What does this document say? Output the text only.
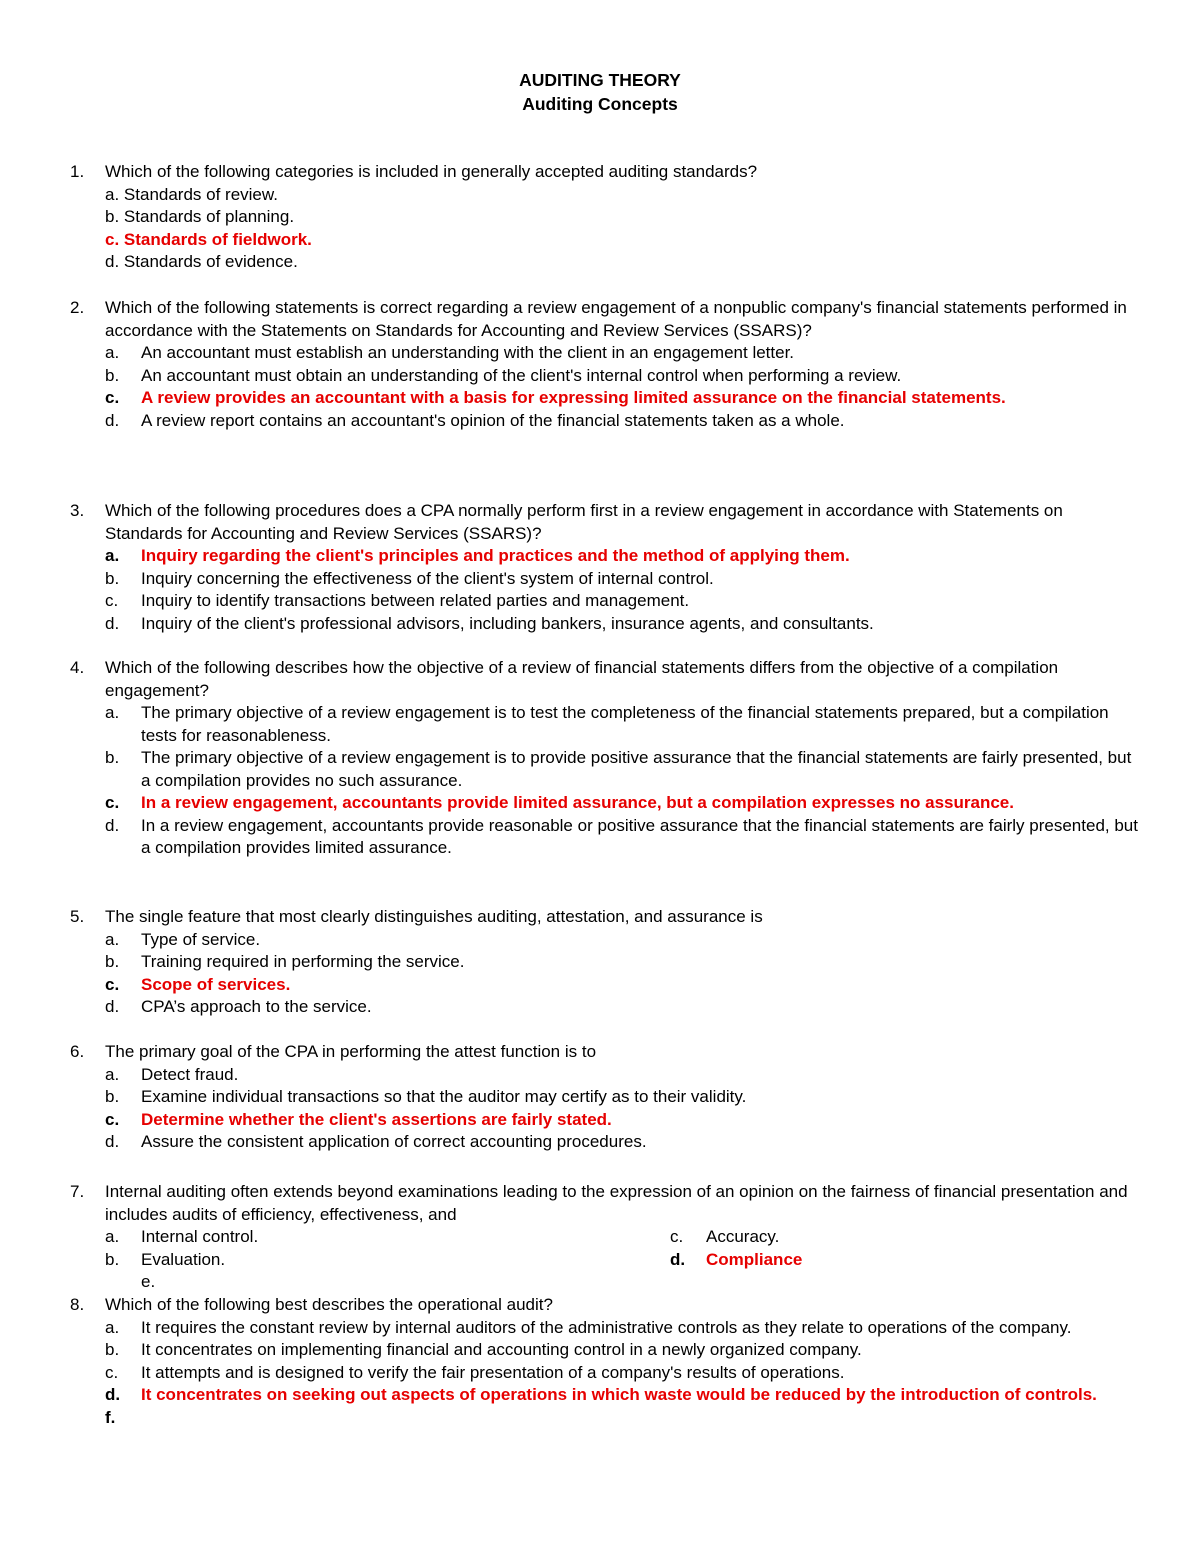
AUDITING THEORY
Auditing Concepts
1. Which of the following categories is included in generally accepted auditing standards?
a. Standards of review.
b. Standards of planning.
c. Standards of fieldwork.
d. Standards of evidence.
2. Which of the following statements is correct regarding a review engagement of a nonpublic company's financial statements performed in accordance with the Statements on Standards for Accounting and Review Services (SSARS)?
a. An accountant must establish an understanding with the client in an engagement letter.
b. An accountant must obtain an understanding of the client's internal control when performing a review.
c. A review provides an accountant with a basis for expressing limited assurance on the financial statements.
d. A review report contains an accountant's opinion of the financial statements taken as a whole.
3. Which of the following procedures does a CPA normally perform first in a review engagement in accordance with Statements on Standards for Accounting and Review Services (SSARS)?
a. Inquiry regarding the client's principles and practices and the method of applying them.
b. Inquiry concerning the effectiveness of the client's system of internal control.
c. Inquiry to identify transactions between related parties and management.
d. Inquiry of the client's professional advisors, including bankers, insurance agents, and consultants.
4. Which of the following describes how the objective of a review of financial statements differs from the objective of a compilation engagement?
a. The primary objective of a review engagement is to test the completeness of the financial statements prepared, but a compilation tests for reasonableness.
b. The primary objective of a review engagement is to provide positive assurance that the financial statements are fairly presented, but a compilation provides no such assurance.
c. In a review engagement, accountants provide limited assurance, but a compilation expresses no assurance.
d. In a review engagement, accountants provide reasonable or positive assurance that the financial statements are fairly presented, but a compilation provides limited assurance.
5. The single feature that most clearly distinguishes auditing, attestation, and assurance is
a. Type of service.
b. Training required in performing the service.
c. Scope of services.
d. CPA’s approach to the service.
6. The primary goal of the CPA in performing the attest function is to
a. Detect fraud.
b. Examine individual transactions so that the auditor may certify as to their validity.
c. Determine whether the client's assertions are fairly stated.
d. Assure the consistent application of correct accounting procedures.
7. Internal auditing often extends beyond examinations leading to the expression of an opinion on the fairness of financial presentation and includes audits of efficiency, effectiveness, and
a. Internal control.
b. Evaluation.
c. Accuracy.
d. Compliance
e.
8. Which of the following best describes the operational audit?
a. It requires the constant review by internal auditors of the administrative controls as they relate to operations of the company.
b. It concentrates on implementing financial and accounting control in a newly organized company.
c. It attempts and is designed to verify the fair presentation of a company's results of operations.
d. It concentrates on seeking out aspects of operations in which waste would be reduced by the introduction of controls.
f.
